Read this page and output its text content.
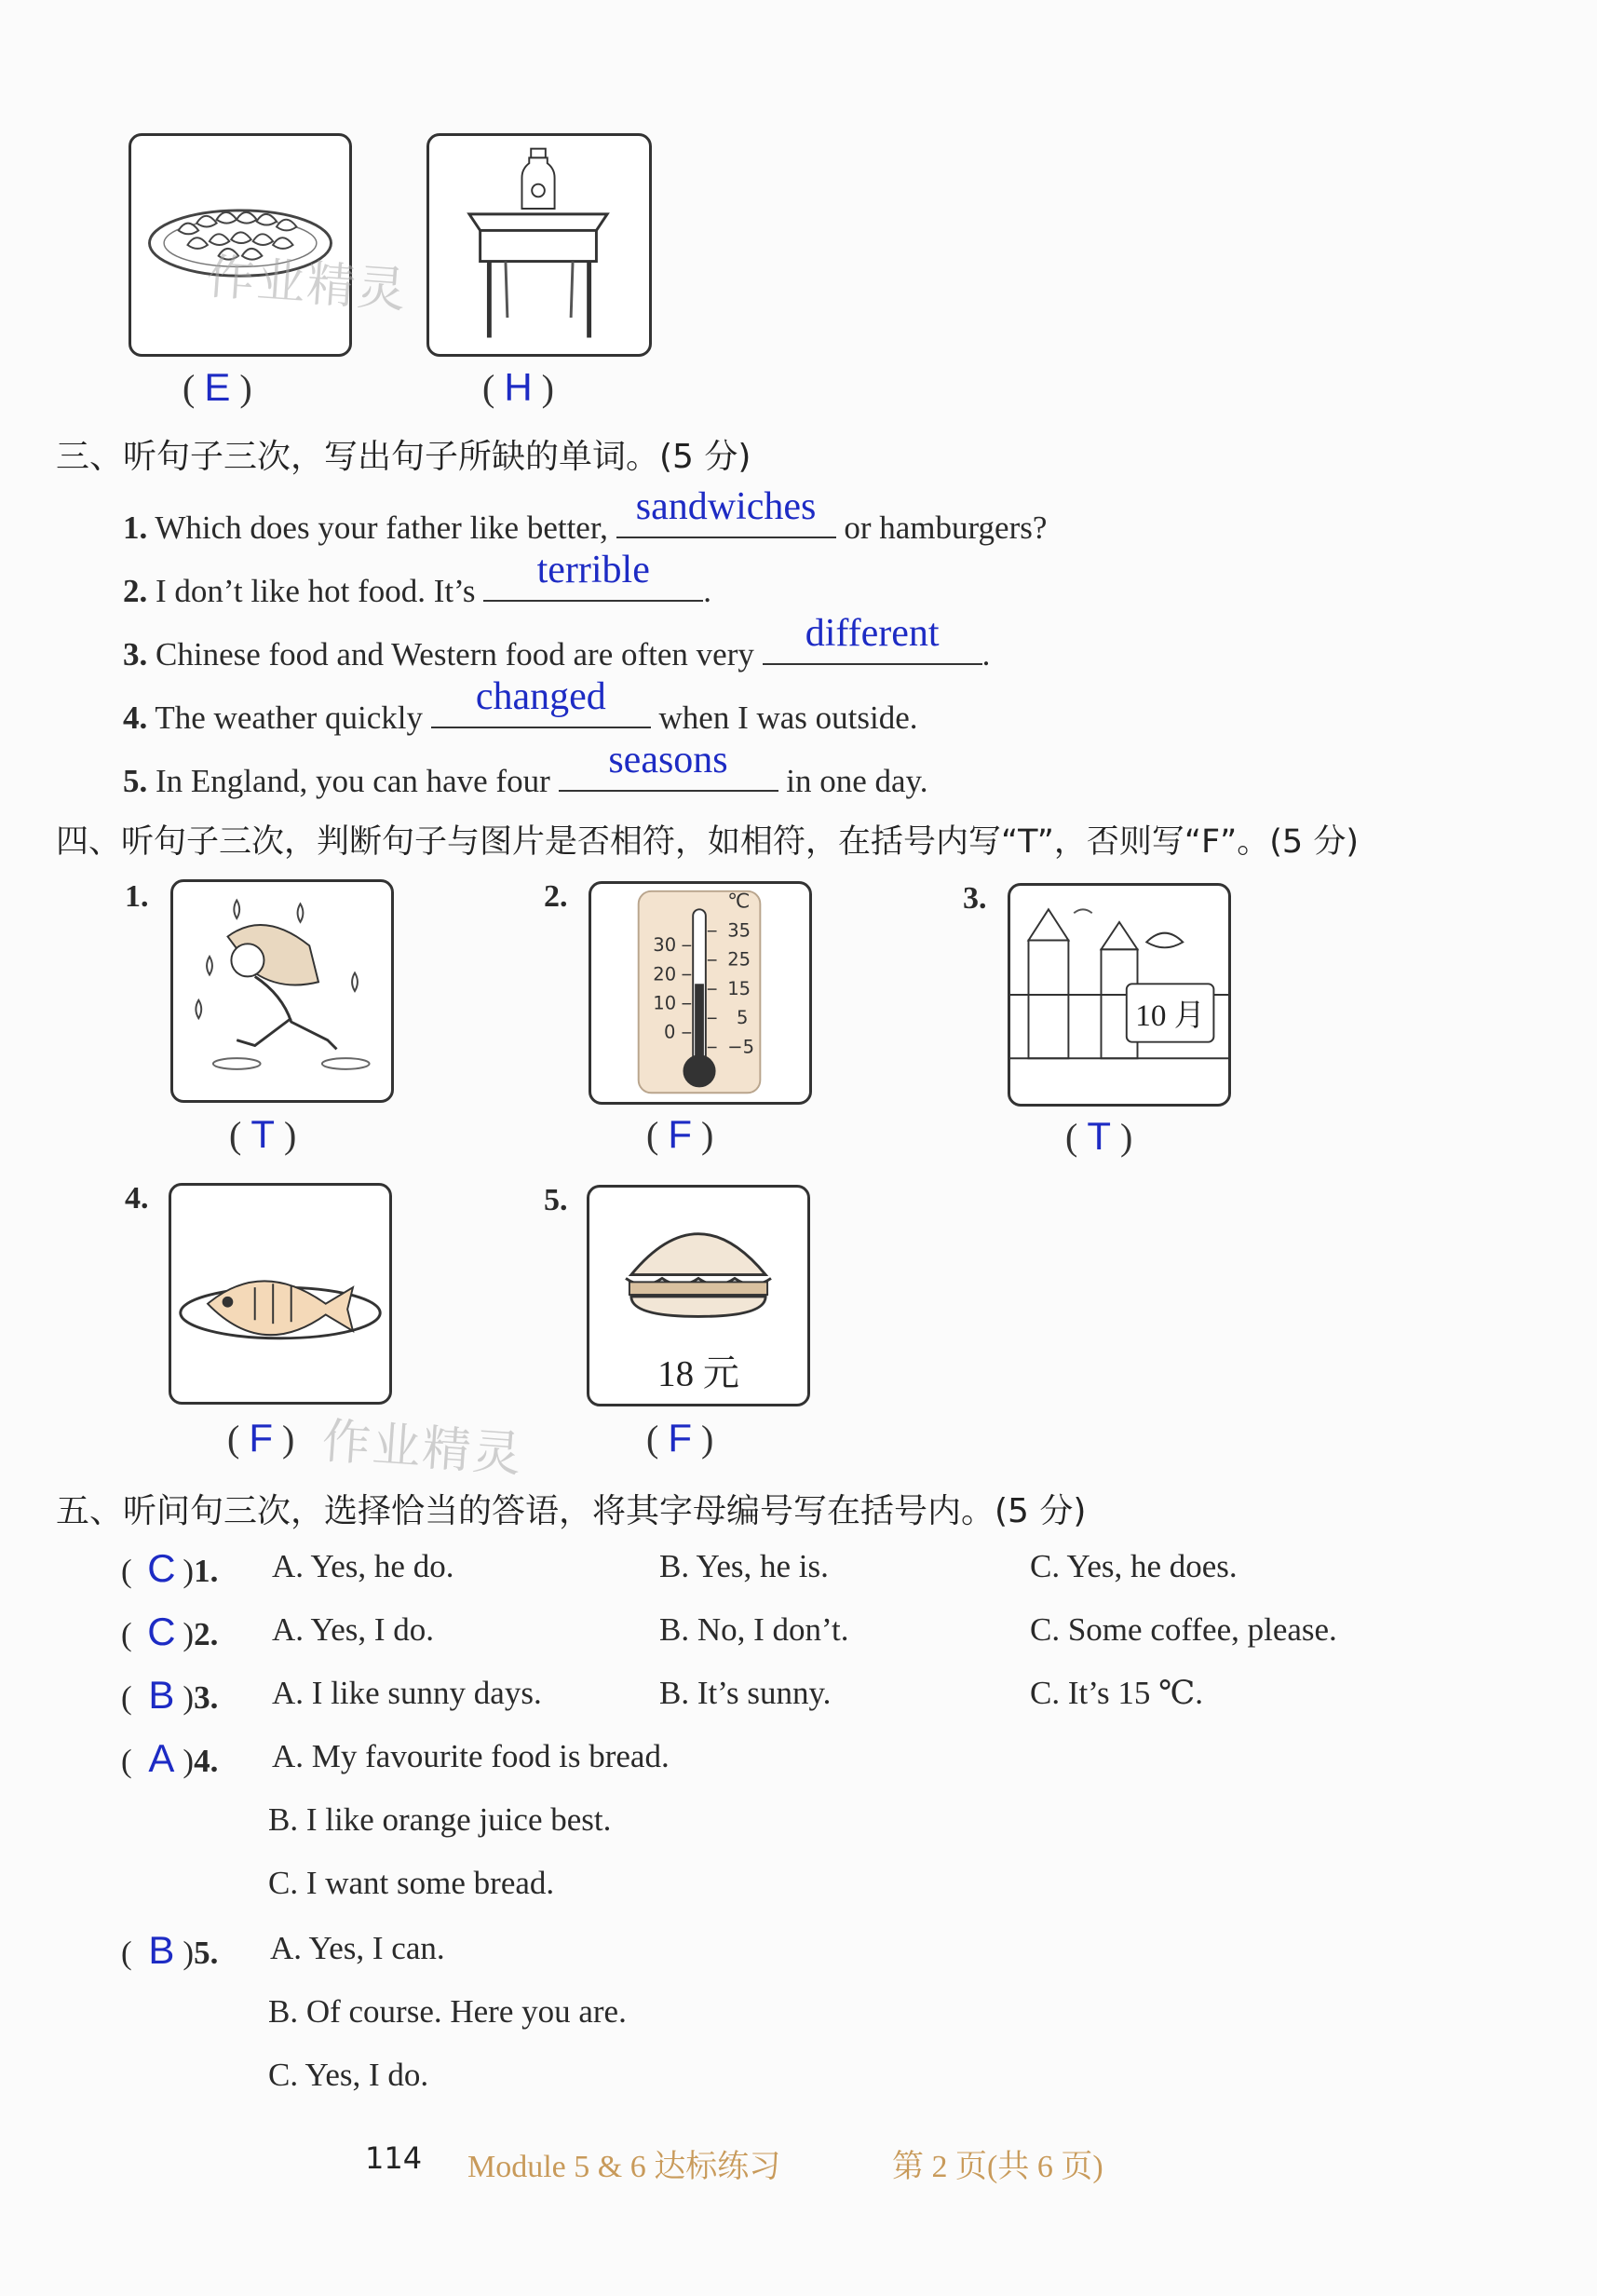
( E )	( H )
作业精灵
三、听句子三次，写出句子所缺的单词。(5 分)
1. Which does your father like better, sandwiches or hamburgers?
2. I don’t like hot food. It’s	terrible	.
3. Chinese food and Western food are often very	different	.
4. The weather quickly	changed	when I was outside.
5. In England, you can have four	seasons	in one day.
四、听句子三次，判断句子与图片是否相符，如相符，在括号内写“T”，否则写“F”。(5 分)
1.
( T )
2.	℃
30
20
10
0
35
25
15
5
−5
( F )
3.
10 月
( T )
4.
( F )
5.
18 元
( F )
作业精灵
五、听问句三次，选择恰当的答语，将其字母编号写在括号内。(5 分)
( C )1. A. Yes, he do.	B. Yes, he is.	C. Yes, he does.
( C )2. A. Yes, I do.	B. No, I don’t.	C. Some coffee, please.
( B )3. A. I like sunny days.	B. It’s sunny.	C. It’s 15 ℃.
( A )4. A. My favourite food is bread.
B. I like orange juice best.
C. I want some bread.
( B )5. A. Yes, I can.
B. Of course. Here you are.
C. Yes, I do.
114 Module 5 & 6 达标练习	第 2 页(共 6 页)
